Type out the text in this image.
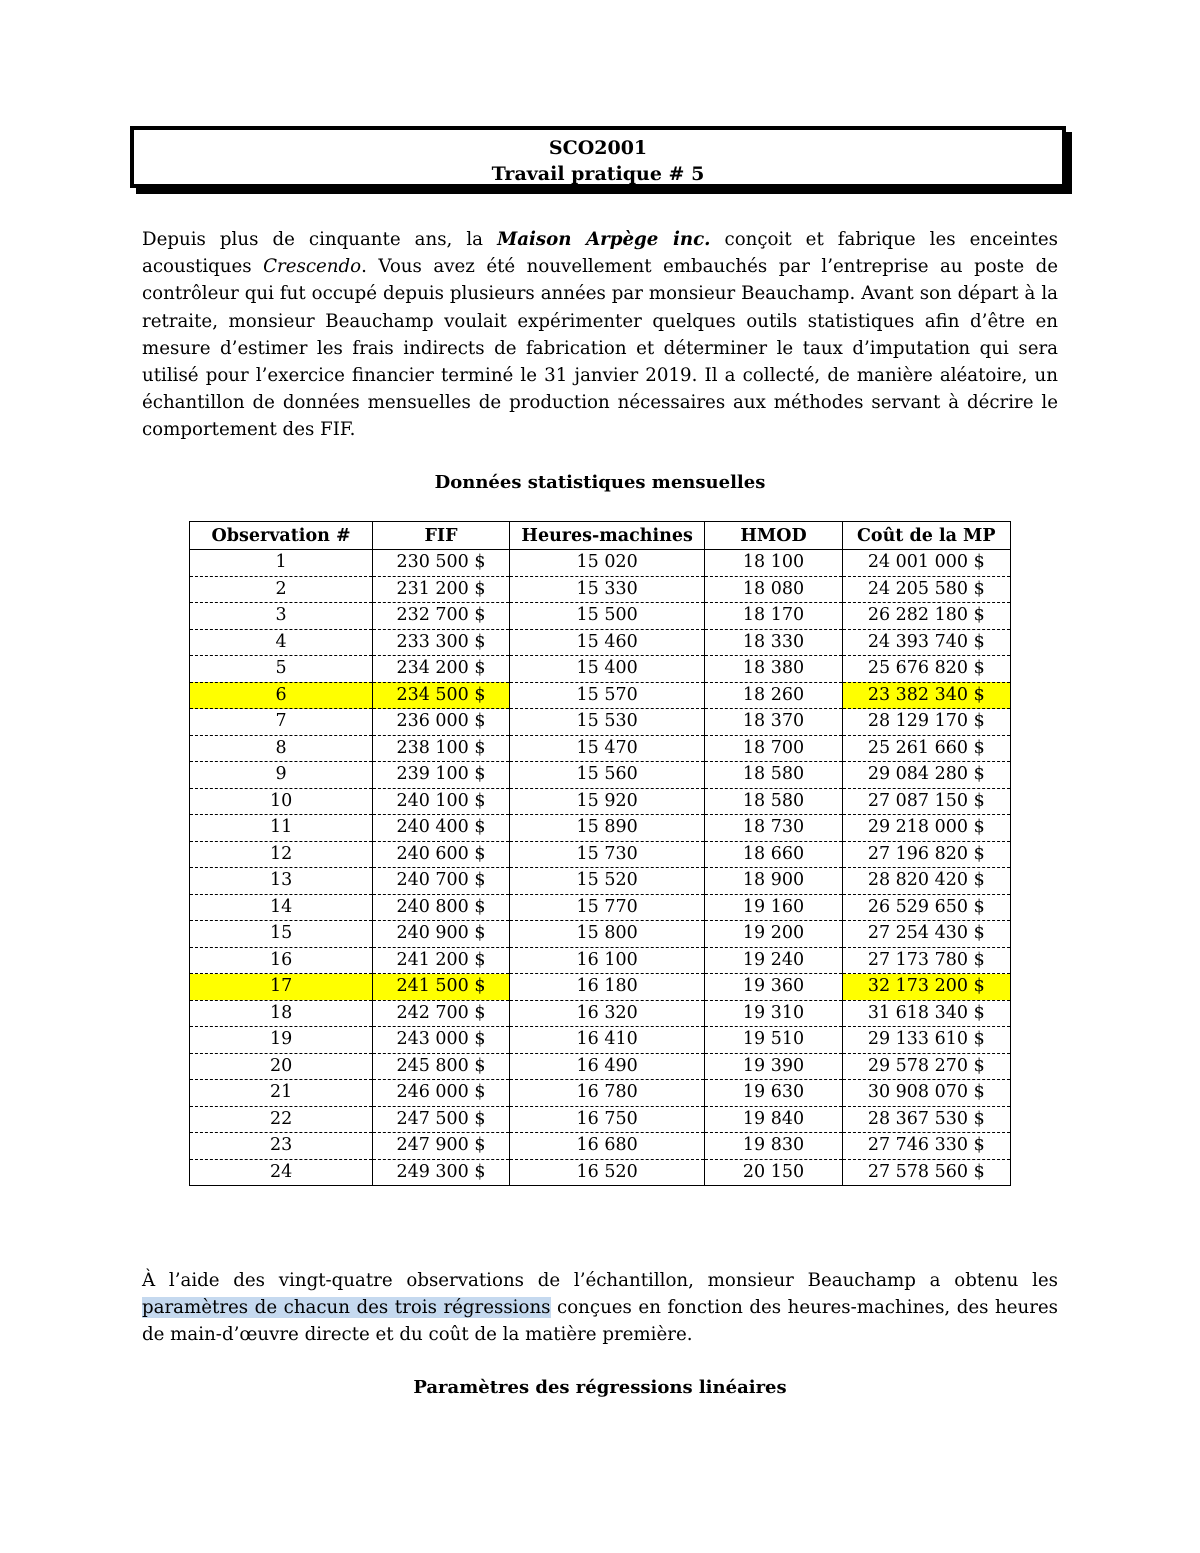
SCO2001
Travail pratique # 5

Depuis plus de cinquante ans, la Maison Arpège inc. conçoit et fabrique les enceintes acoustiques Crescendo. Vous avez été nouvellement embauchés par l’entreprise au poste de contrôleur qui fut occupé depuis plusieurs années par monsieur Beauchamp. Avant son départ à la retraite, monsieur Beauchamp voulait expérimenter quelques outils statistiques afin d’être en mesure d’estimer les frais indirects de fabrication et déterminer le taux d’imputation qui sera utilisé pour l’exercice financier terminé le 31 janvier 2019. Il a collecté, de manière aléatoire, un échantillon de données mensuelles de production nécessaires aux méthodes servant à décrire le comportement des FIF.

Données statistiques mensuelles

Observation #	FIF	Heures-machines	HMOD	Coût de la MP
1	230 500 $	15 020	18 100	24 001 000 $
2	231 200 $	15 330	18 080	24 205 580 $
3	232 700 $	15 500	18 170	26 282 180 $
4	233 300 $	15 460	18 330	24 393 740 $
5	234 200 $	15 400	18 380	25 676 820 $
6	234 500 $	15 570	18 260	23 382 340 $
7	236 000 $	15 530	18 370	28 129 170 $
8	238 100 $	15 470	18 700	25 261 660 $
9	239 100 $	15 560	18 580	29 084 280 $
10	240 100 $	15 920	18 580	27 087 150 $
11	240 400 $	15 890	18 730	29 218 000 $
12	240 600 $	15 730	18 660	27 196 820 $
13	240 700 $	15 520	18 900	28 820 420 $
14	240 800 $	15 770	19 160	26 529 650 $
15	240 900 $	15 800	19 200	27 254 430 $
16	241 200 $	16 100	19 240	27 173 780 $
17	241 500 $	16 180	19 360	32 173 200 $
18	242 700 $	16 320	19 310	31 618 340 $
19	243 000 $	16 410	19 510	29 133 610 $
20	245 800 $	16 490	19 390	29 578 270 $
21	246 000 $	16 780	19 630	30 908 070 $
22	247 500 $	16 750	19 840	28 367 530 $
23	247 900 $	16 680	19 830	27 746 330 $
24	249 300 $	16 520	20 150	27 578 560 $

À l’aide des vingt-quatre observations de l’échantillon, monsieur Beauchamp a obtenu les paramètres de chacun des trois régressions conçues en fonction des heures-machines, des heures de main-d’œuvre directe et du coût de la matière première.

Paramètres des régressions linéaires
